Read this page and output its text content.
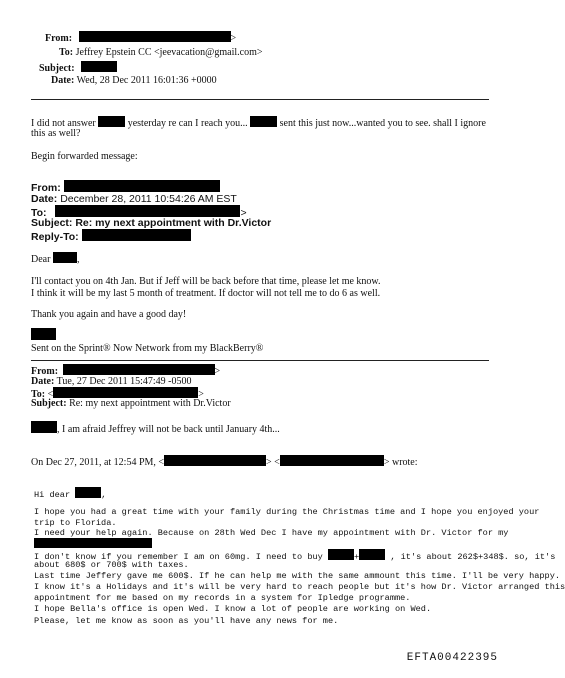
From:	>
To: Jeffrey Epstein CC <jeevacation@gmail.com>
Subject:
Date: Wed, 28 Dec 2011 16:01:36 +0000
I did not answer	yesterday re can I reach you...	sent this just now...wanted you to see. shall I ignore
this as well?
Begin forwarded message:
From:
Date: December 28, 2011 10:54:26 AM EST
To:	>
Subject: Re: my next appointment with Dr.Victor
Reply-To:
Dear	,
I'll contact you on 4th Jan. But if Jeff will be back before that time, please let me know.
I think it will be my last 5 month of treatment. If doctor will not tell me to do 6 as well.
Thank you again and have a good day!
Sent on the Sprint® Now Network from my BlackBerry®
From:	>
Date: Tue, 27 Dec 2011 15:47:49 -0500
To: <	>
Subject: Re: my next appointment with Dr.Victor
, I am afraid Jeffrey will not be back until January 4th...
On Dec 27, 2011, at 12:54 PM, <	> <	> wrote:
Hi dear	,
I hope you had a great time with your family during the Christmas time and I hope you enjoyed your
trip to Florida.
I need your help again. Because on 28th Wed Dec I have my appointment with Dr. Victor for my
I don't know if you remember I am on 60mg. I need to buy	+	, it's about 262$+348$. so, it's
about 680$ or 700$ with taxes.
Last time Jeffery gave me 600$. If he can help me with the same ammount this time. I'll be very happy.
I know it's a Holidays and it's will be very hard to reach people but it's how Dr. Victor arranged this
appointment for me based on my records in a system for Ipledge programme.
I hope Bella's office is open Wed. I know a lot of people are working on Wed.
Please, let me know as soon as you'll have any news for me.
EFTA00422395
